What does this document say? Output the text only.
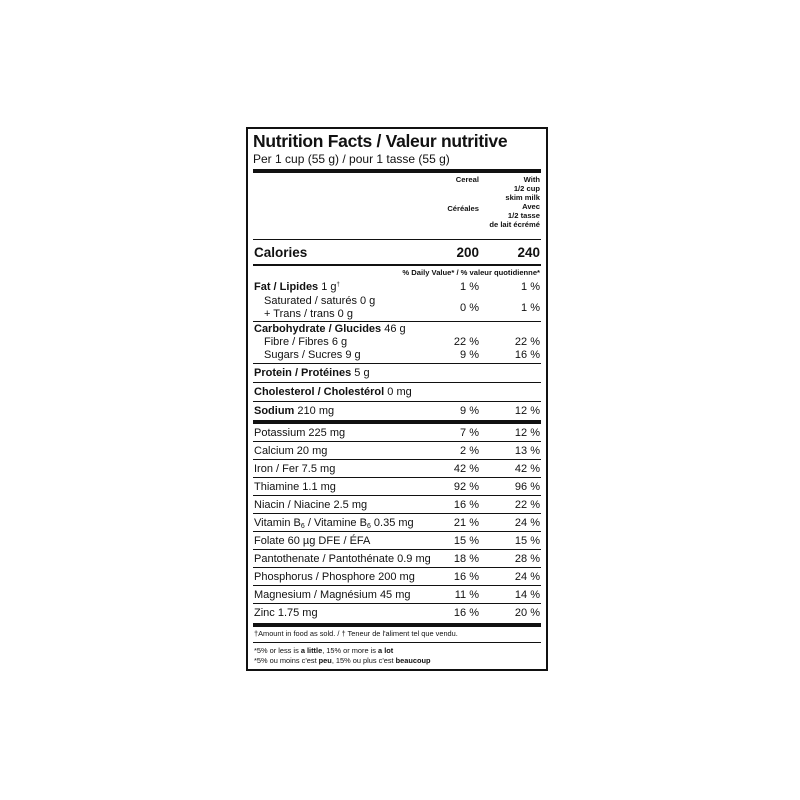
Nutrition Facts / Valeur nutritive
Per 1 cup (55 g) / pour 1 tasse (55 g)
Cereal
Céréales
With
1/2 cup
skim milk
Avec
1/2 tasse
de lait écrémé
Calories	200	240
% Daily Value* / % valeur quotidienne*
Fat / Lipides 1 g†	1 %	1 %
Saturated / saturés 0 g
+ Trans / trans 0 g	0 %	1 %
Carbohydrate / Glucides 46 g
Fibre / Fibres 6 g	22 %	22 %
Sugars / Sucres 9 g	9 %	16 %
Protein / Protéines 5 g
Cholesterol / Cholestérol 0 mg
Sodium 210 mg	9 %	12 %
Potassium 225 mg	7 %	12 %
Calcium 20 mg	2 %	13 %
Iron / Fer 7.5 mg	42 %	42 %
Thiamine 1.1 mg	92 %	96 %
Niacin / Niacine 2.5 mg	16 %	22 %
Vitamin $B_6$ / Vitamine $B_6$ 0.35 mg	21 %	24 %
Folate 60 µg DFE / ÉFA	15 %	15 %
Pantothenate / Pantothénate 0.9 mg 18 %	28 %
Phosphorus / Phosphore 200 mg	16 %	24 %
Magnesium / Magnésium 45 mg	11 %	14 %
Zinc 1.75 mg	16 %	20 %
†Amount in food as sold. / † Teneur de l'aliment tel que vendu.
*5% or less is a little, 15% or more is a lot
*5% ou moins c'est peu, 15% ou plus c'est beaucoup
